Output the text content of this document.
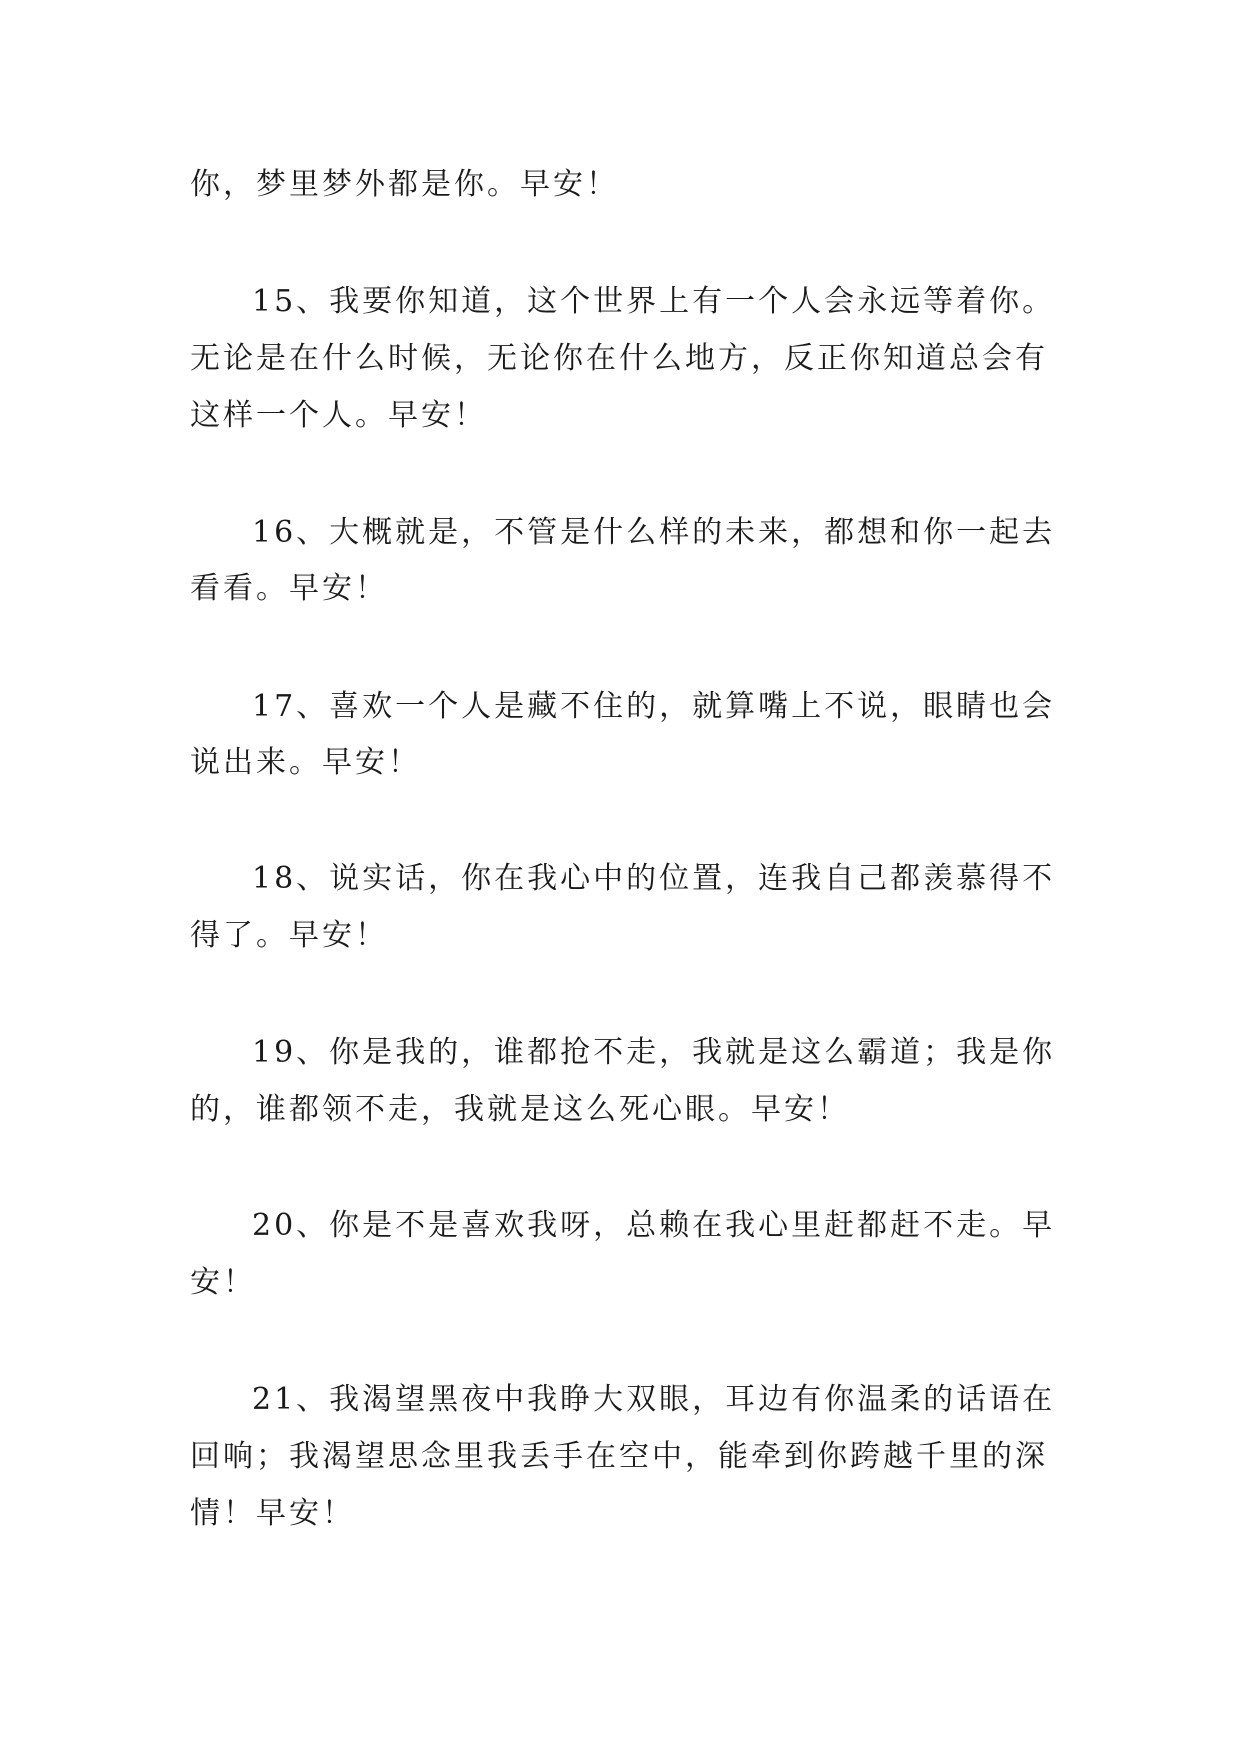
你，梦里梦外都是你。早安！
15、我要你知道，这个世界上有一个人会永远等着你。
无论是在什么时候，无论你在什么地方，反正你知道总会有
这样一个人。早安！
16、大概就是，不管是什么样的未来，都想和你一起去
看看。早安！
17、喜欢一个人是藏不住的，就算嘴上不说，眼睛也会
说出来。早安！
18、说实话，你在我心中的位置，连我自己都羡慕得不
得了。早安！
19、你是我的，谁都抢不走，我就是这么霸道；我是你
的，谁都领不走，我就是这么死心眼。早安！
20、你是不是喜欢我呀，总赖在我心里赶都赶不走。早
安！
21、我渴望黑夜中我睁大双眼，耳边有你温柔的话语在
回响；我渴望思念里我丢手在空中，能牵到你跨越千里的深
情！早安！
